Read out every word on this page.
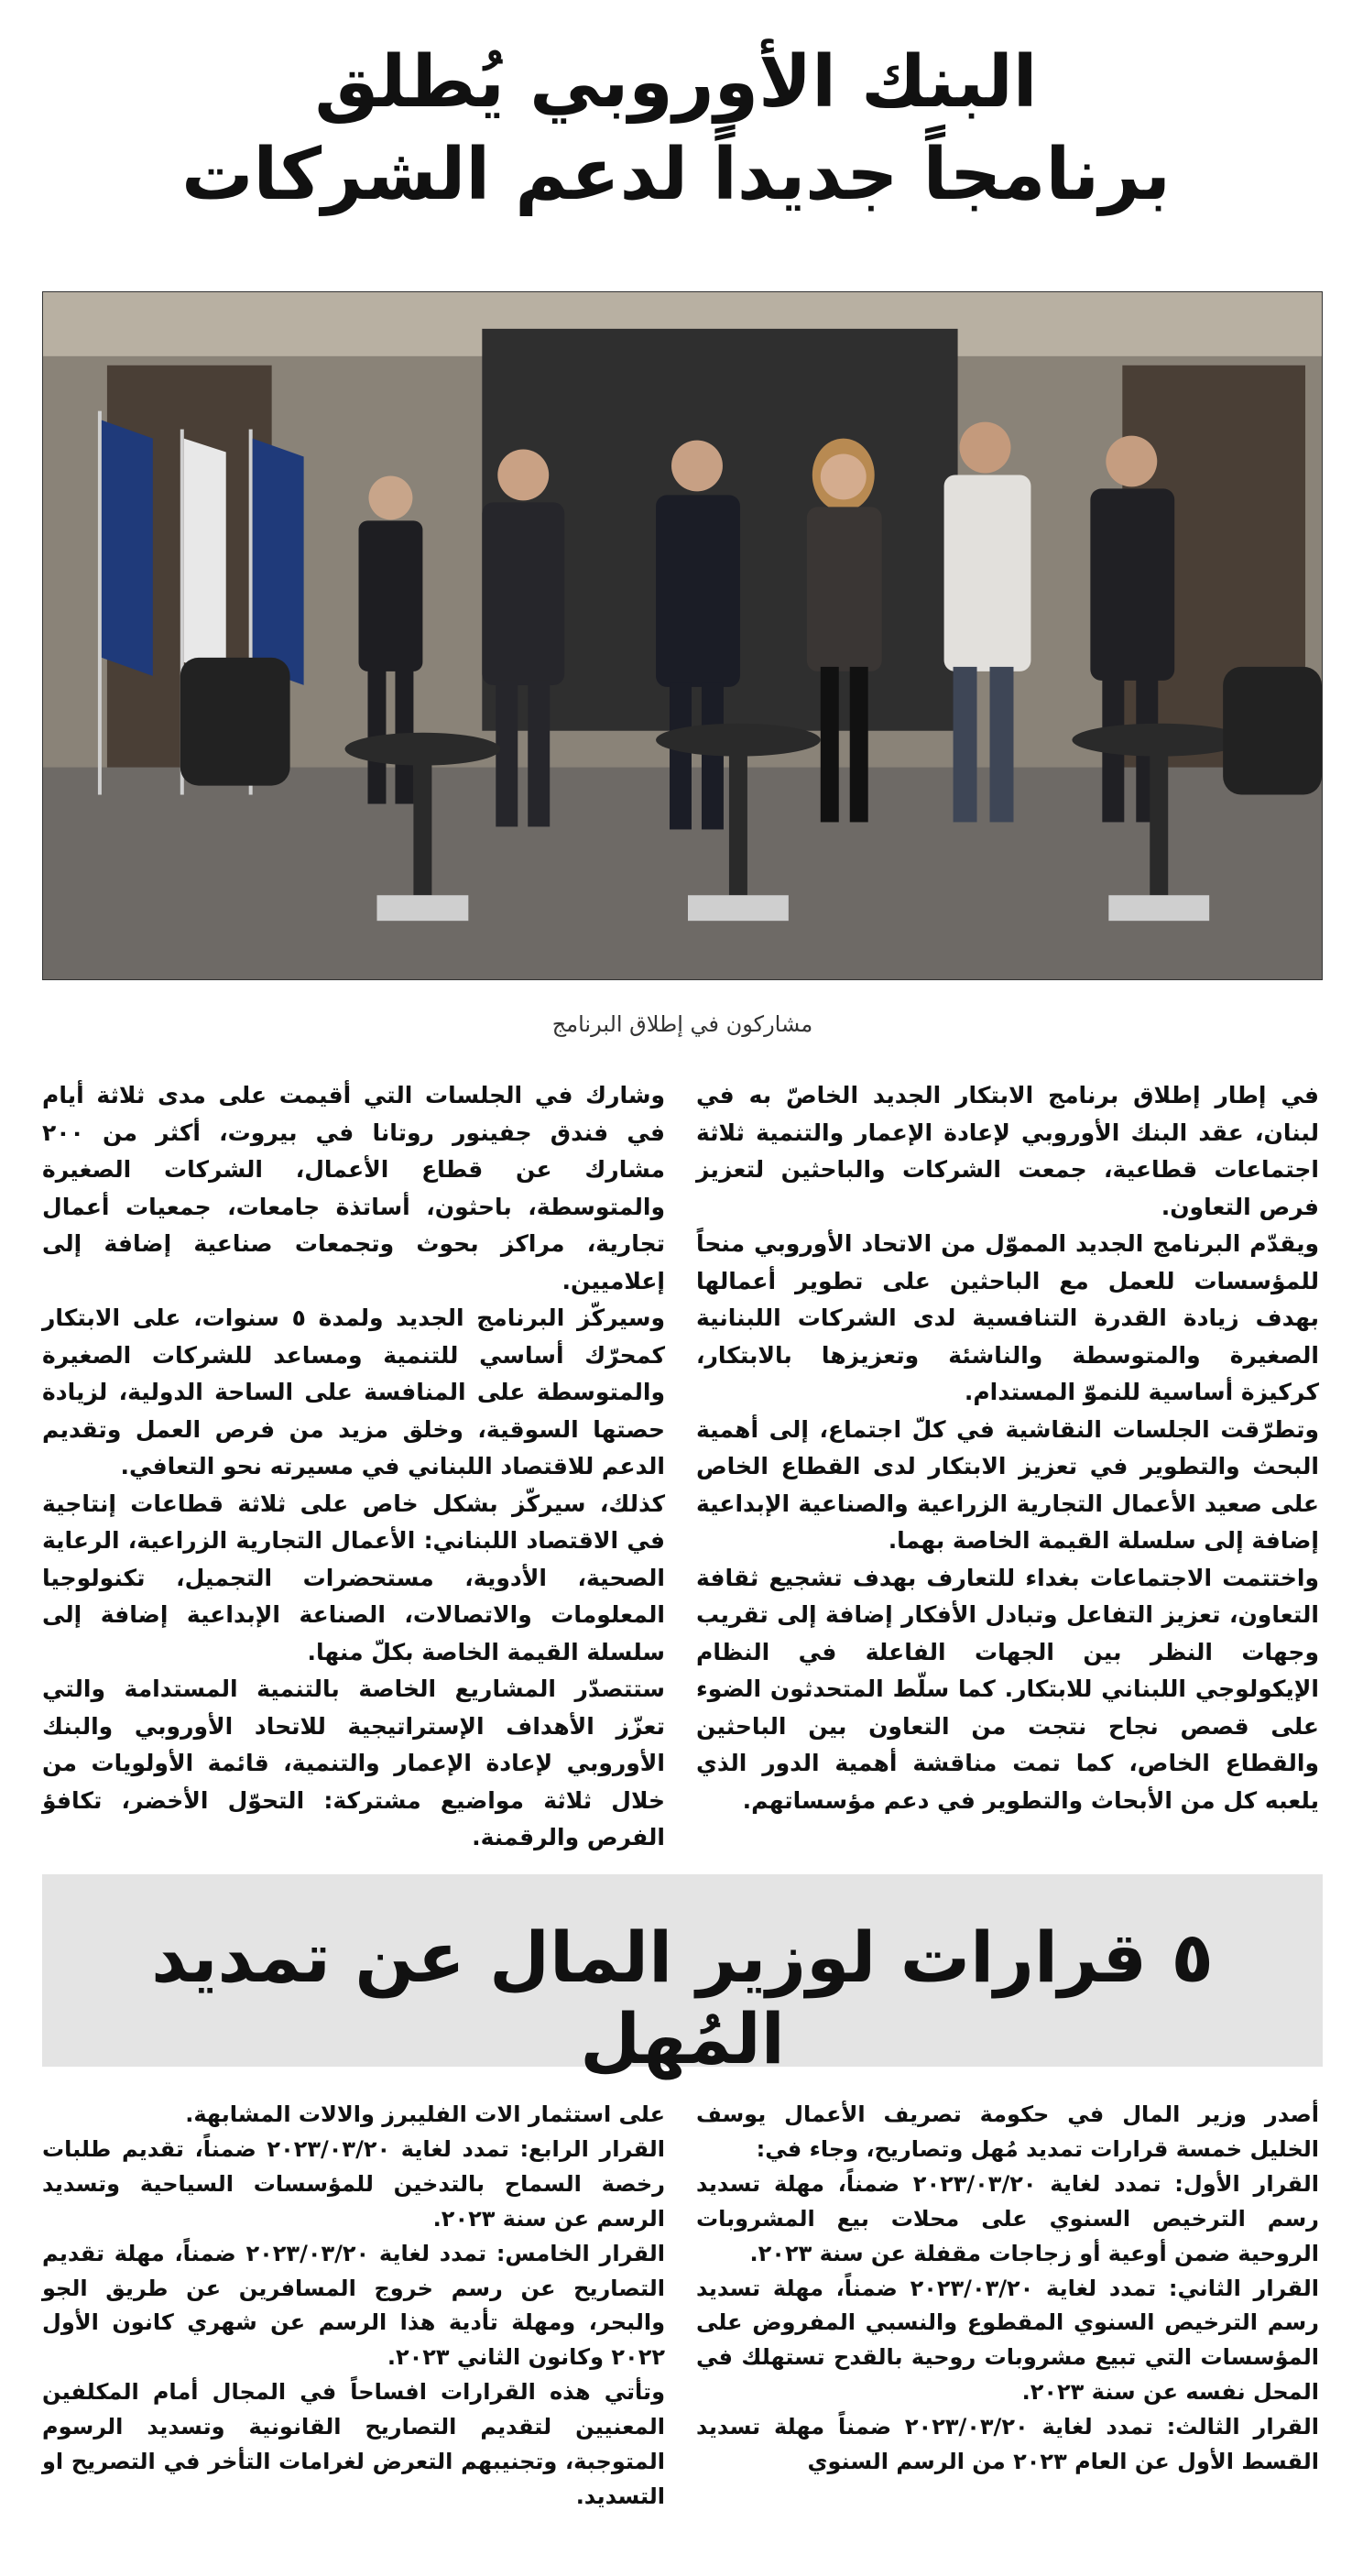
البنك الأوروبي يُطلق
برنامجاً جديداً لدعم الشركات
مشاركون في إطلاق البرنامج

في إطار إطلاق برنامج الابتكار الجديد الخاصّ به في لبنان، عقد البنك الأوروبي لإعادة الإعمار والتنمية ثلاثة اجتماعات قطاعية، جمعت الشركات والباحثين لتعزيز فرص التعاون.

ويقدّم البرنامج الجديد المموّل من الاتحاد الأوروبي منحاً للمؤسسات للعمل مع الباحثين على تطوير أعمالها بهدف زيادة القدرة التنافسية لدى الشركات اللبنانية الصغيرة والمتوسطة والناشئة وتعزيزها بالابتكار، كركيزة أساسية للنموّ المستدام.

وتطرّقت الجلسات النقاشية في كلّ اجتماع، إلى أهمية البحث والتطوير في تعزيز الابتكار لدى القطاع الخاص على صعيد الأعمال التجارية الزراعية والصناعية الإبداعية إضافة إلى سلسلة القيمة الخاصة بهما.

واختتمت الاجتماعات بغداء للتعارف بهدف تشجيع ثقافة التعاون، تعزيز التفاعل وتبادل الأفكار إضافة إلى تقريب وجهات النظر بين الجهات الفاعلة في النظام الإيكولوجي اللبناني للابتكار. كما سلّط المتحدثون الضوء على قصص نجاح نتجت من التعاون بين الباحثين والقطاع الخاص، كما تمت مناقشة أهمية الدور الذي يلعبه كل من الأبحاث والتطوير في دعم مؤسساتهم.

وشارك في الجلسات التي أقيمت على مدى ثلاثة أيام في فندق جفينور روتانا في بيروت، أكثر من ٢٠٠ مشارك عن قطاع الأعمال، الشركات الصغيرة والمتوسطة، باحثون، أساتذة جامعات، جمعيات أعمال تجارية، مراكز بحوث وتجمعات صناعية إضافة إلى إعلاميين.

وسيركّز البرنامج الجديد ولمدة ٥ سنوات، على الابتكار كمحرّك أساسي للتنمية ومساعد للشركات الصغيرة والمتوسطة على المنافسة على الساحة الدولية، لزيادة حصتها السوقية، وخلق مزيد من فرص العمل وتقديم الدعم للاقتصاد اللبناني في مسيرته نحو التعافي.

كذلك، سيركّز بشكل خاص على ثلاثة قطاعات إنتاجية في الاقتصاد اللبناني: الأعمال التجارية الزراعية، الرعاية الصحية، الأدوية، مستحضرات التجميل، تكنولوجيا المعلومات والاتصالات، الصناعة الإبداعية إضافة إلى سلسلة القيمة الخاصة بكلّ منها.

ستتصدّر المشاريع الخاصة بالتنمية المستدامة والتي تعزّز الأهداف الإستراتيجية للاتحاد الأوروبي والبنك الأوروبي لإعادة الإعمار والتنمية، قائمة الأولويات من خلال ثلاثة مواضيع مشتركة: التحوّل الأخضر، تكافؤ الفرص والرقمنة.

٥ قرارات لوزير المال عن تمديد المُهل

أصدر وزير المال في حكومة تصريف الأعمال يوسف الخليل خمسة قرارات تمديد مُهل وتصاريح، وجاء في:

القرار الأول: تمدد لغاية ٢٠٢٣/٠٣/٢٠ ضمناً، مهلة تسديد رسم الترخيص السنوي على محلات بيع المشروبات الروحية ضمن أوعية أو زجاجات مقفلة عن سنة ٢٠٢٣.

القرار الثاني: تمدد لغاية ٢٠٢٣/٠٣/٢٠ ضمناً، مهلة تسديد رسم الترخيص السنوي المقطوع والنسبي المفروض على المؤسسات التي تبيع مشروبات روحية بالقدح تستهلك في المحل نفسه عن سنة ٢٠٢٣.

القرار الثالث: تمدد لغاية ٢٠٢٣/٠٣/٢٠ ضمناً مهلة تسديد القسط الأول عن العام ٢٠٢٣ من الرسم السنوي

على استثمار الات الفليبرز والالات المشابهة.

القرار الرابع: تمدد لغاية ٢٠٢٣/٠٣/٢٠ ضمناً، تقديم طلبات رخصة السماح بالتدخين للمؤسسات السياحية وتسديد الرسم عن سنة ٢٠٢٣.

القرار الخامس: تمدد لغاية ٢٠٢٣/٠٣/٢٠ ضمناً، مهلة تقديم التصاريح عن رسم خروج المسافرين عن طريق الجو والبحر، ومهلة تأدية هذا الرسم عن شهري كانون الأول ٢٠٢٢ وكانون الثاني ٢٠٢٣.

وتأتي هذه القرارات افساحاً في المجال أمام المكلفين المعنيين لتقديم التصاريح القانونية وتسديد الرسوم المتوجبة، وتجنيبهم التعرض لغرامات التأخر في التصريح او التسديد.
